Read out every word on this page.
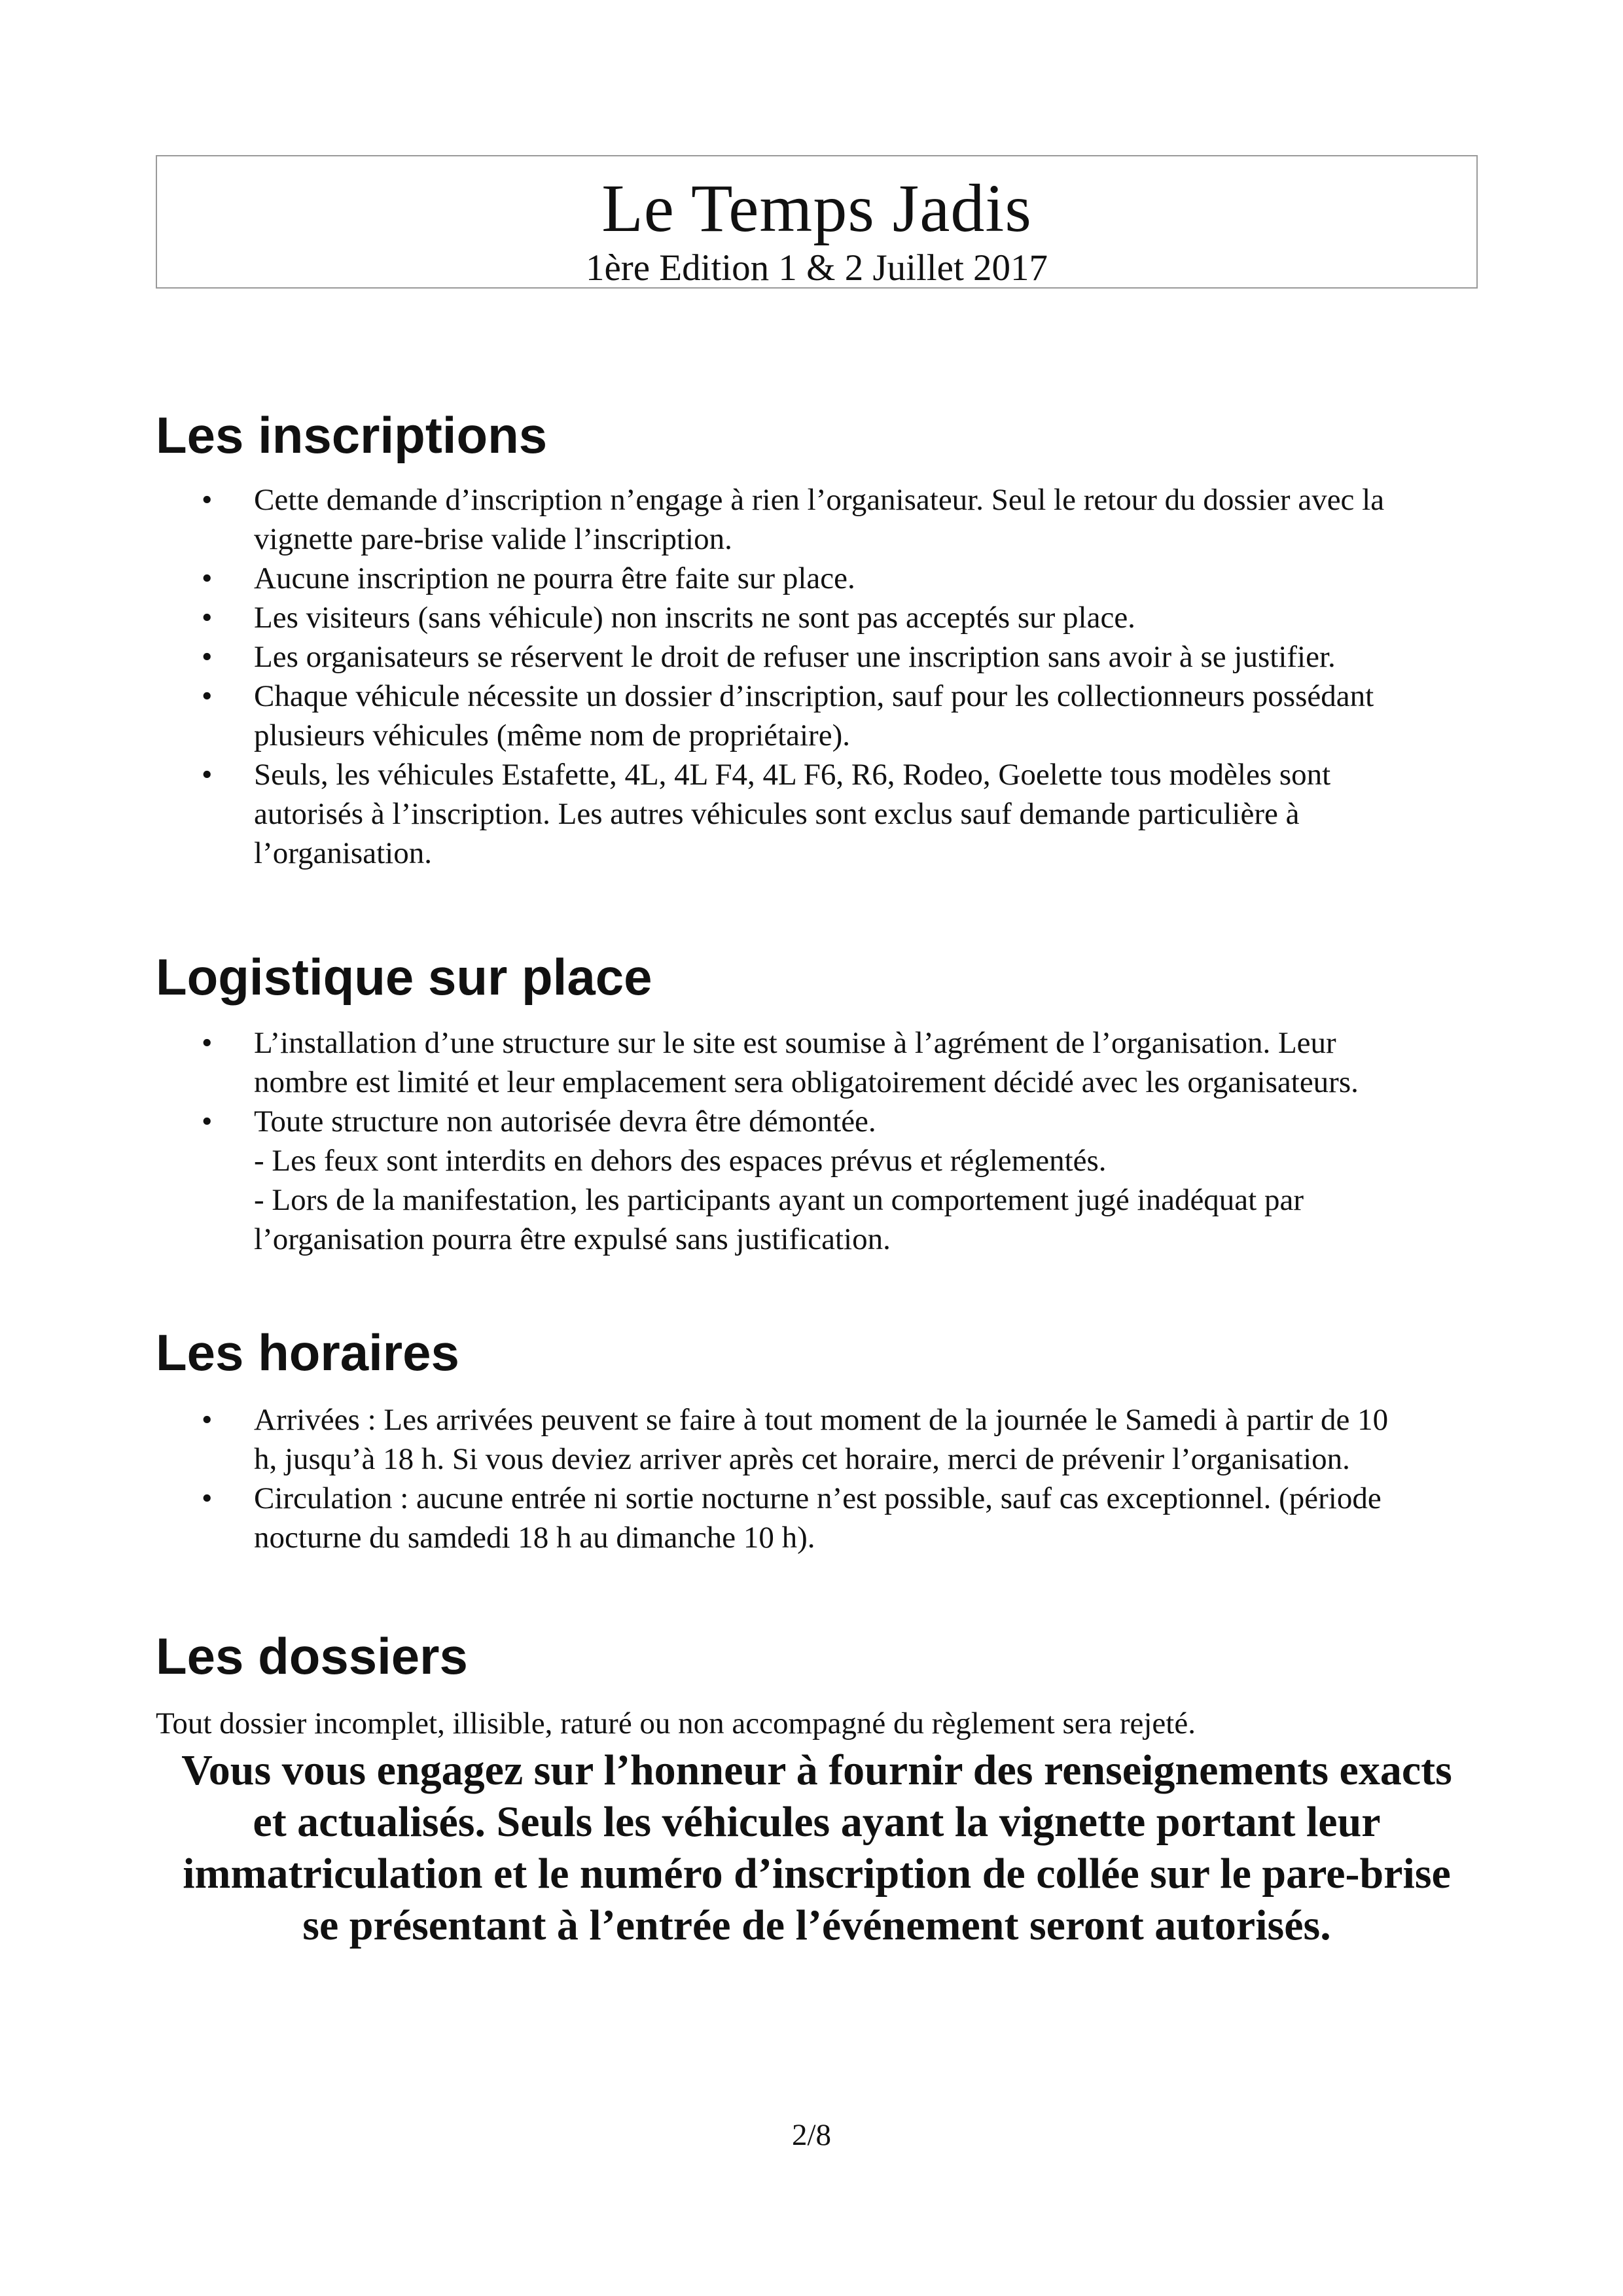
Le Temps Jadis
1ère Edition 1 & 2 Juillet 2017
Les inscriptions
• Cette demande d’inscription n’engage à rien l’organisateur. Seul le retour du dossier avec la
vignette pare-brise valide l’inscription.
• Aucune inscription ne pourra être faite sur place.
• Les visiteurs (sans véhicule) non inscrits ne sont pas acceptés sur place.
• Les organisateurs se réservent le droit de refuser une inscription sans avoir à se justifier.
• Chaque véhicule nécessite un dossier d’inscription, sauf pour les collectionneurs possédant
plusieurs véhicules (même nom de propriétaire).
• Seuls, les véhicules Estafette, 4L, 4L F4, 4L F6, R6, Rodeo, Goelette tous modèles sont
autorisés à l’inscription. Les autres véhicules sont exclus sauf demande particulière à
l’organisation.
Logistique sur place
• L’installation d’une structure sur le site est soumise à l’agrément de l’organisation. Leur
nombre est limité et leur emplacement sera obligatoirement décidé avec les organisateurs.
• Toute structure non autorisée devra être démontée.
- Les feux sont interdits en dehors des espaces prévus et réglementés.
- Lors de la manifestation, les participants ayant un comportement jugé inadéquat par
l’organisation pourra être expulsé sans justification.
Les horaires
• Arrivées : Les arrivées peuvent se faire à tout moment de la journée le Samedi à partir de 10
h, jusqu’à 18 h. Si vous deviez arriver après cet horaire, merci de prévenir l’organisation.
• Circulation : aucune entrée ni sortie nocturne n’est possible, sauf cas exceptionnel. (période
nocturne du samdedi 18 h au dimanche 10 h).
Les dossiers
Tout dossier incomplet, illisible, raturé ou non accompagné du règlement sera rejeté.
Vous vous engagez sur l’honneur à fournir des renseignements exacts
et actualisés. Seuls les véhicules ayant la vignette portant leur
immatriculation et le numéro d’inscription de collée sur le pare-brise
se présentant à l’entrée de l’événement seront autorisés.
2/8
